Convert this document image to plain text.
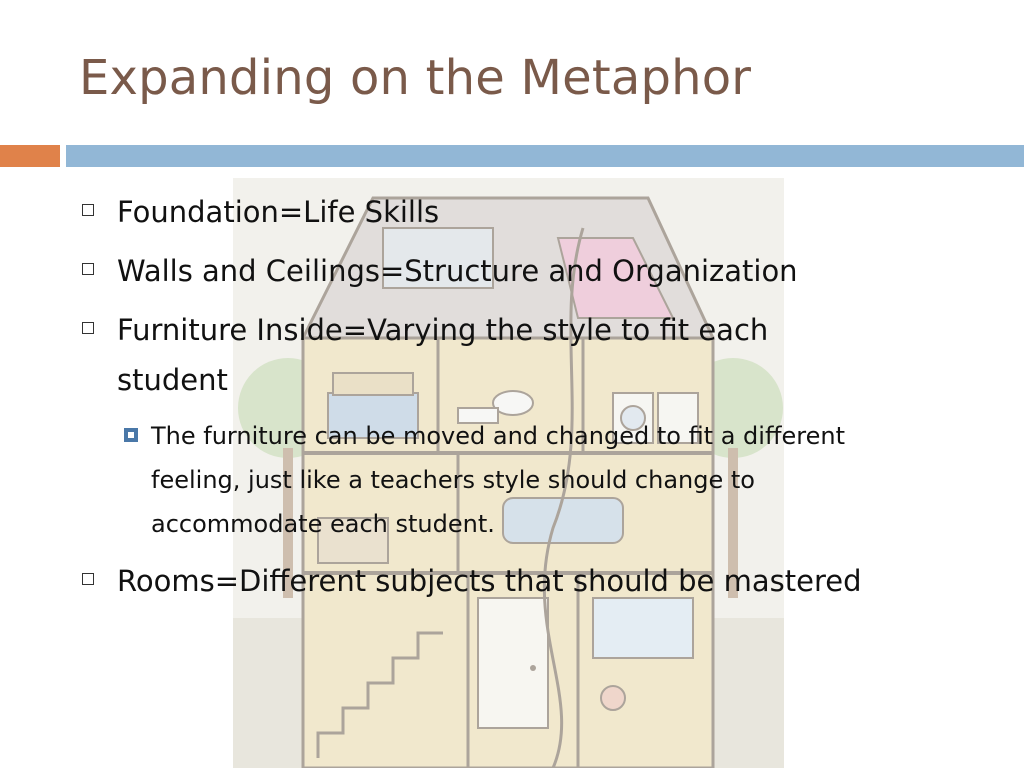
Expanding on the Metaphor
Foundation=Life Skills
Walls and Ceilings=Structure and Organization
Furniture Inside=Varying the style to fit each student
The furniture can be moved and changed to fit a different feeling, just like a teachers style should change to accommodate each student.
Rooms=Different subjects that should be mastered
